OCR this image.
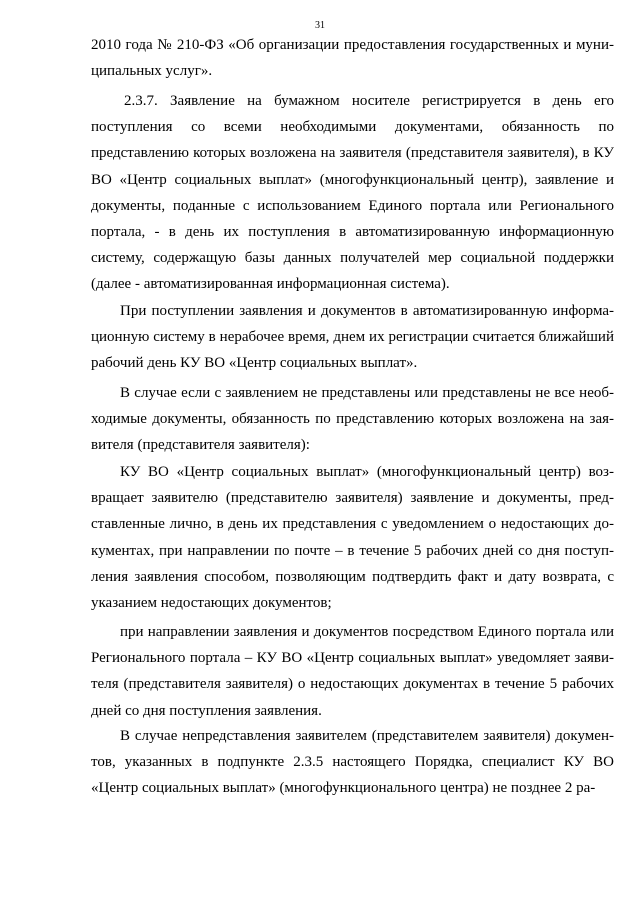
31

2010 года № 210-ФЗ «Об организации предоставления государственных и муниципальных услуг».

2.3.7. Заявление на бумажном носителе регистрируется в день его поступления со всеми необходимыми документами, обязанность по представлению которых возложена на заявителя (представителя заявителя), в КУ ВО «Центр социальных выплат» (многофункциональный центр), заявление и документы, поданные с использованием Единого портала или Регионального портала, - в день их поступления в автоматизированную информационную систему, содержащую базы данных получателей мер социальной поддержки (далее - автоматизированная информационная система).

При поступлении заявления и документов в автоматизированную информационную систему в нерабочее время, днем их регистрации считается ближайший рабочий день КУ ВО «Центр социальных выплат».

В случае если с заявлением не представлены или представлены не все необходимые документы, обязанность по представлению которых возложена на заявителя (представителя заявителя):

КУ ВО «Центр социальных выплат» (многофункциональный центр) возвращает заявителю (представителю заявителя) заявление и документы, представленные лично, в день их представления с уведомлением о недостающих документах, при направлении по почте – в течение 5 рабочих дней со дня поступления заявления способом, позволяющим подтвердить факт и дату возврата, с указанием недостающих документов;

при направлении заявления и документов посредством Единого портала или Регионального портала – КУ ВО «Центр социальных выплат» уведомляет заявителя (представителя заявителя) о недостающих документах в течение 5 рабочих дней со дня поступления заявления.

В случае непредставления заявителем (представителем заявителя) документов, указанных в подпункте 2.3.5 настоящего Порядка, специалист КУ ВО «Центр социальных выплат» (многофункционального центра) не позднее 2 ра-
